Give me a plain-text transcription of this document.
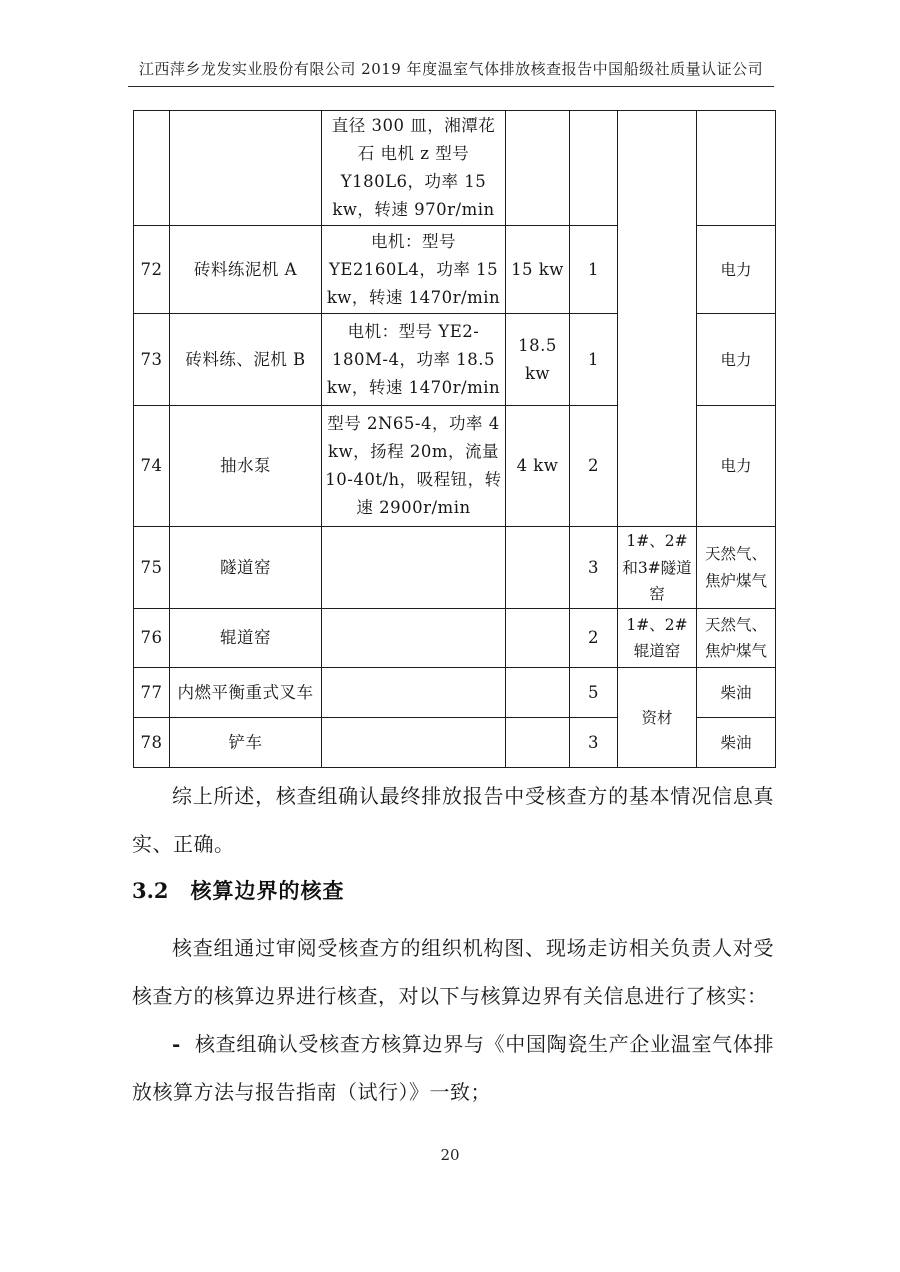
江西萍乡龙发实业股份有限公司 2019 年度温室气体排放核查报告中国船级社质量认证公司
		直径 300 皿，湘潭花石 电机 z 型号 Y180L6，功率 15 kw，转速 970r/min				
72	砖料练泥机 A	电机：型号 YE2160L4，功率 15 kw，转速 1470r/min	15 kw	1		电力
73	砖料练、泥机 B	电机：型号 YE2-180M-4，功率 18.5 kw，转速 1470r/min	18.5 kw	1		电力
74	抽水泵	型号 2N65-4，功率 4 kw，扬程 20m，流量 10-40t/h，吸程钮，转速 2900r/min	4 kw	2		电力
75	隧道窑			3	1#、2#和3#隧道窑	天然气、焦炉煤气
76	辊道窑			2	1#、2#辊道窑	天然气、焦炉煤气
77	内燃平衡重式叉车			5	资材	柴油
78	铲车			3		柴油

综上所述，核查组确认最终排放报告中受核查方的基本情况信息真实、正确。

3.2 核算边界的核查

核查组通过审阅受核查方的组织机构图、现场走访相关负责人对受核查方的核算边界进行核查，对以下与核算边界有关信息进行了核实：

- 核查组确认受核查方核算边界与《中国陶瓷生产企业温室气体排放核算方法与报告指南（试行）》一致；

20
